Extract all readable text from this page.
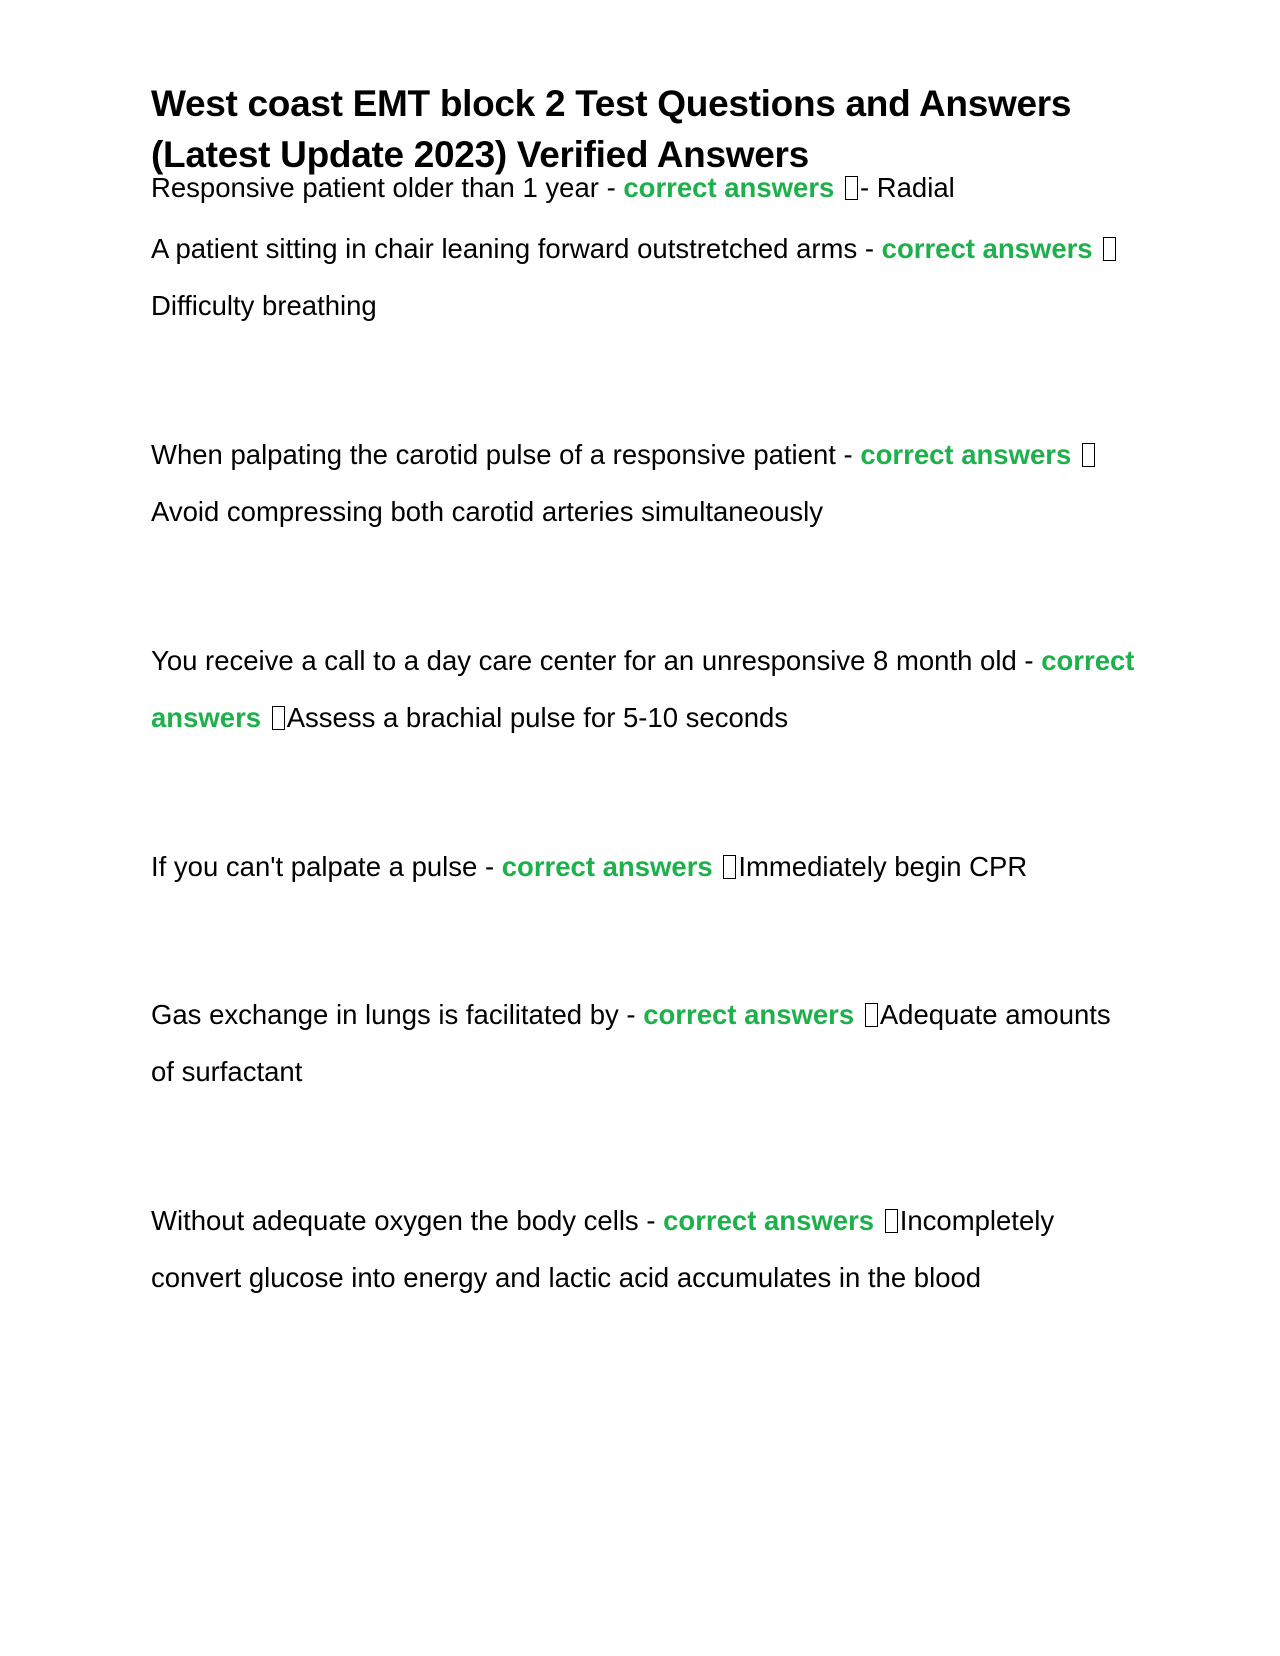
West coast EMT block 2 Test Questions and Answers
(Latest Update 2023) Verified Answers

Responsive patient older than 1 year - correct answers - Radial

A patient sitting in chair leaning forward outstretched arms - correct answers Difficulty breathing

When palpating the carotid pulse of a responsive patient - correct answers Avoid compressing both carotid arteries simultaneously

You receive a call to a day care center for an unresponsive 8 month old - correct answers Assess a brachial pulse for 5-10 seconds

If you can't palpate a pulse - correct answers Immediately begin CPR

Gas exchange in lungs is facilitated by - correct answers Adequate amounts of surfactant

Without adequate oxygen the body cells - correct answers Incompletely convert glucose into energy and lactic acid accumulates in the blood
